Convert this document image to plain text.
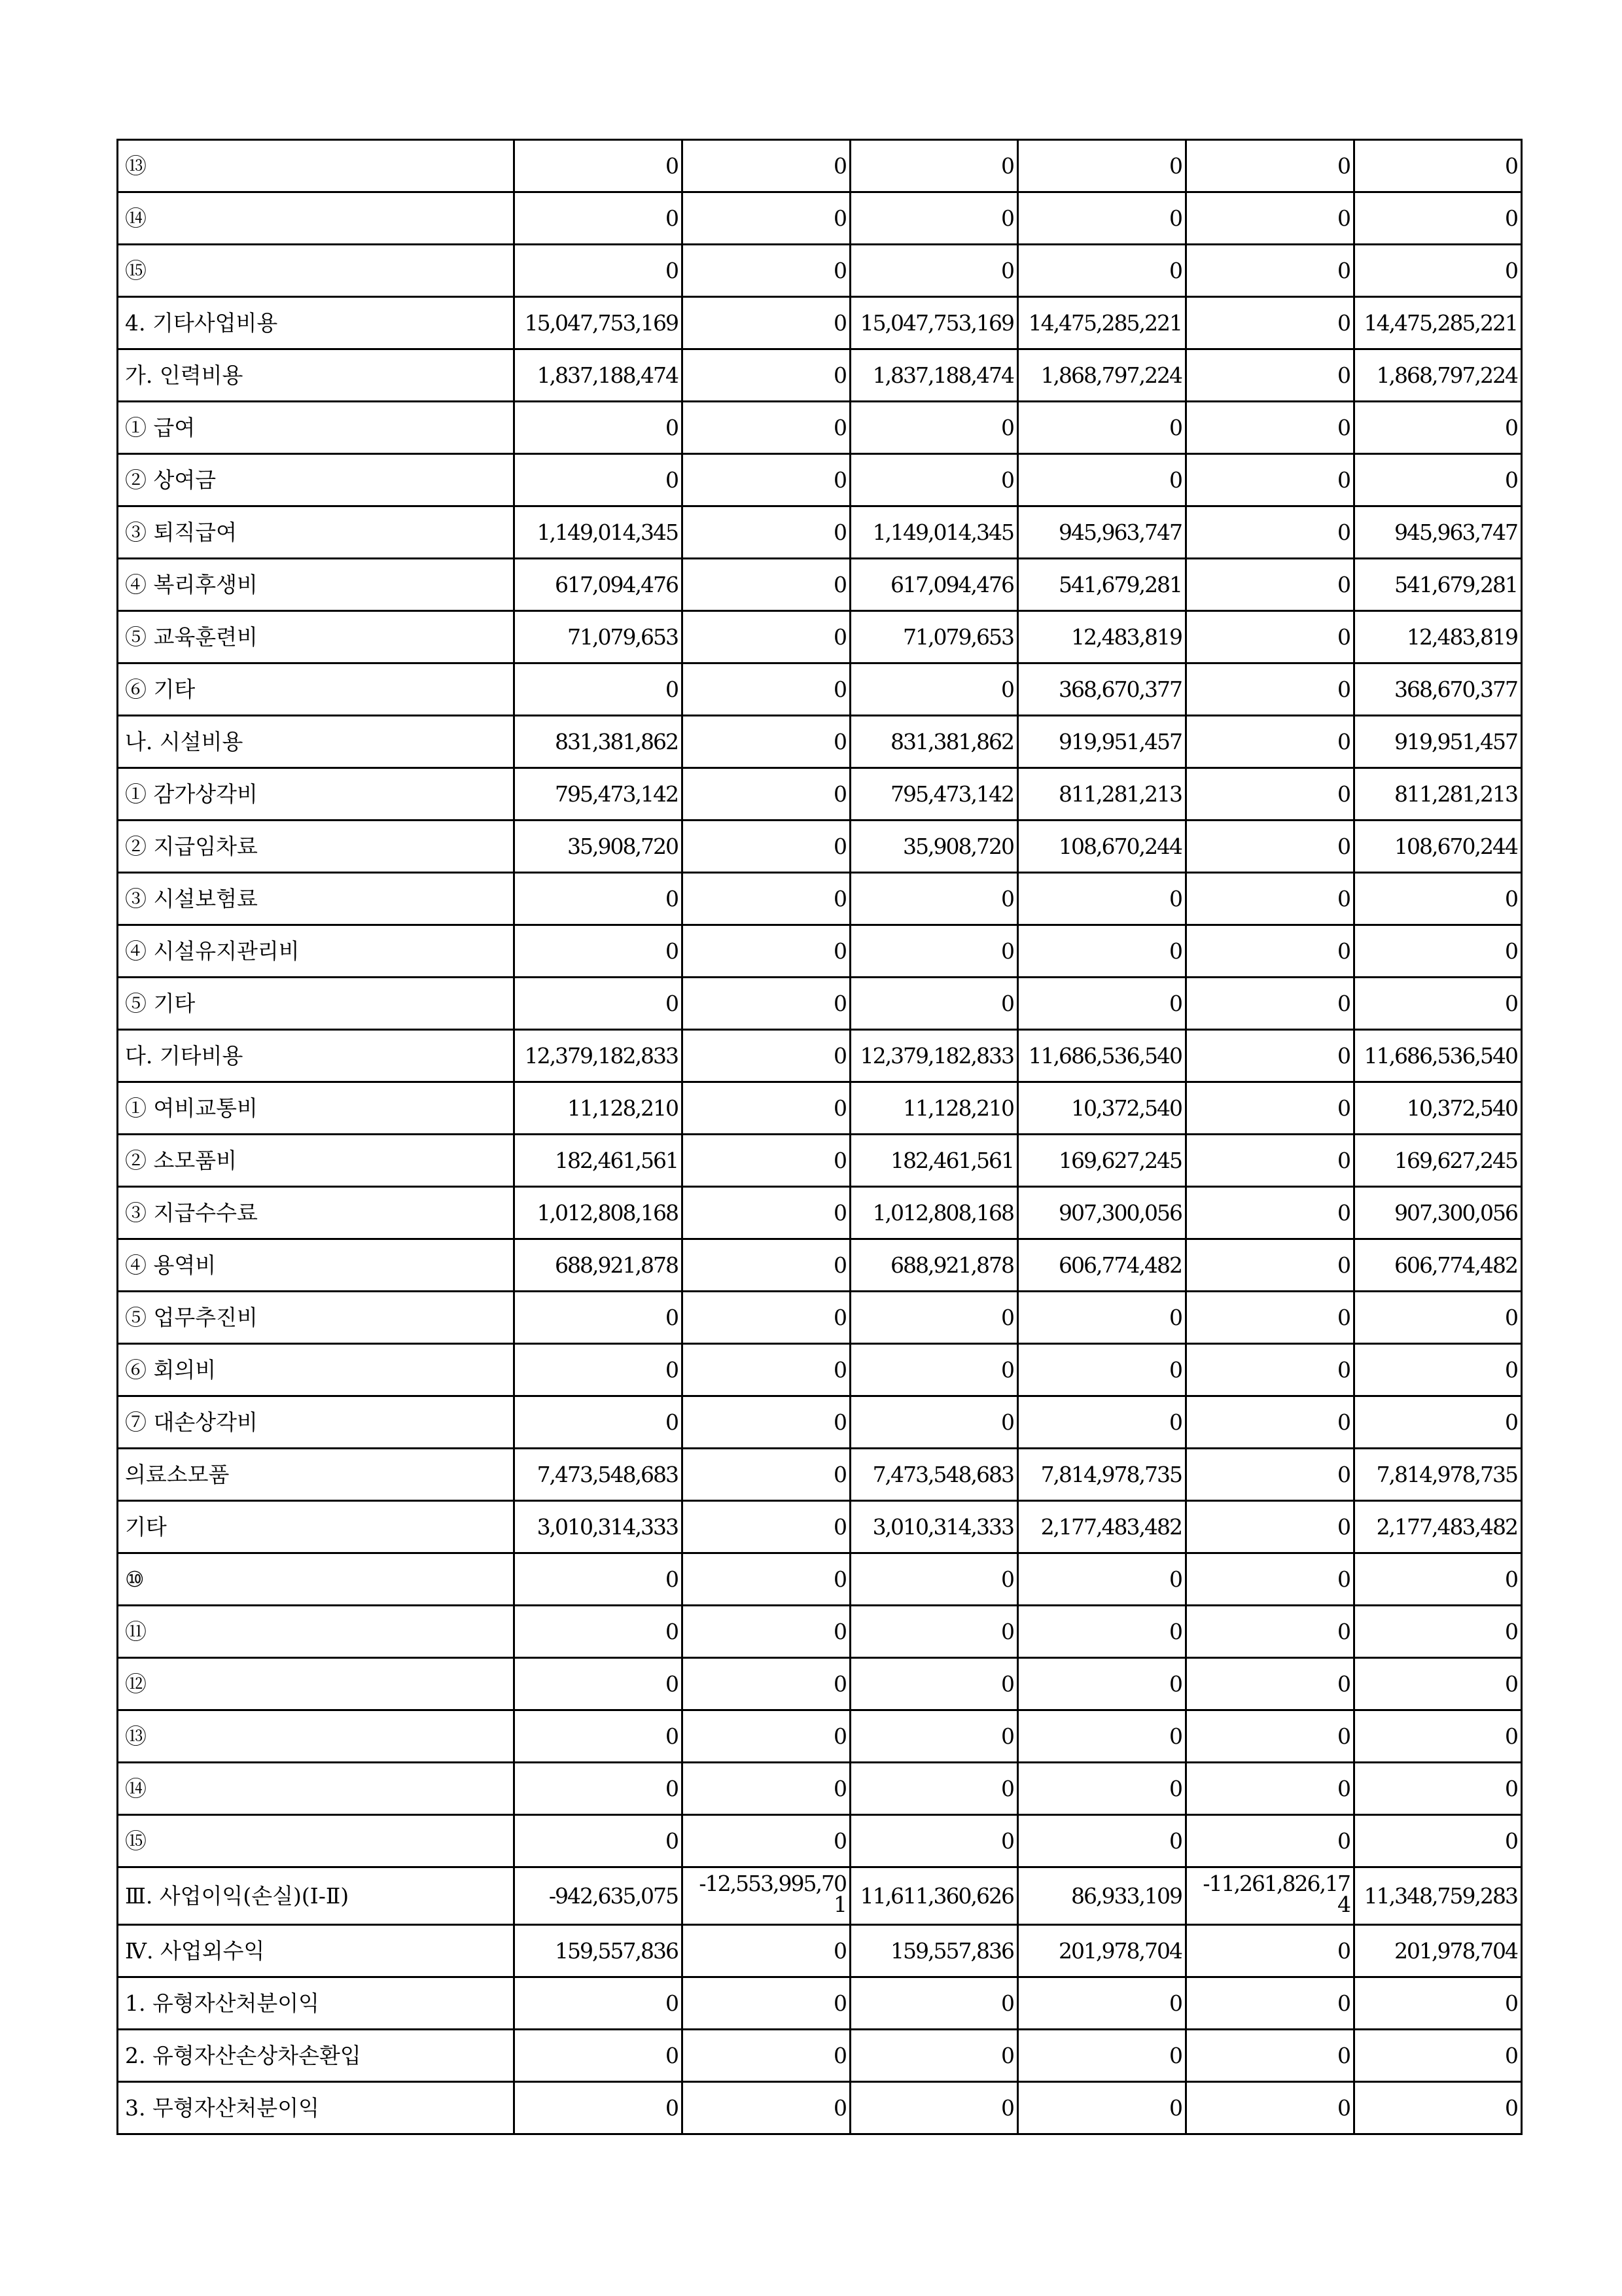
⑬	0	0	0	0	0	0
⑭	0	0	0	0	0	0
⑮	0	0	0	0	0	0
4. 기타사업비용	15,047,753,169	0	15,047,753,169	14,475,285,221	0	14,475,285,221
가. 인력비용	1,837,188,474	0	1,837,188,474	1,868,797,224	0	1,868,797,224
① 급여	0	0	0	0	0	0
② 상여금	0	0	0	0	0	0
③ 퇴직급여	1,149,014,345	0	1,149,014,345	945,963,747	0	945,963,747
④ 복리후생비	617,094,476	0	617,094,476	541,679,281	0	541,679,281
⑤ 교육훈련비	71,079,653	0	71,079,653	12,483,819	0	12,483,819
⑥ 기타	0	0	0	368,670,377	0	368,670,377
나. 시설비용	831,381,862	0	831,381,862	919,951,457	0	919,951,457
① 감가상각비	795,473,142	0	795,473,142	811,281,213	0	811,281,213
② 지급임차료	35,908,720	0	35,908,720	108,670,244	0	108,670,244
③ 시설보험료	0	0	0	0	0	0
④ 시설유지관리비	0	0	0	0	0	0
⑤ 기타	0	0	0	0	0	0
다. 기타비용	12,379,182,833	0	12,379,182,833	11,686,536,540	0	11,686,536,540
① 여비교통비	11,128,210	0	11,128,210	10,372,540	0	10,372,540
② 소모품비	182,461,561	0	182,461,561	169,627,245	0	169,627,245
③ 지급수수료	1,012,808,168	0	1,012,808,168	907,300,056	0	907,300,056
④ 용역비	688,921,878	0	688,921,878	606,774,482	0	606,774,482
⑤ 업무추진비	0	0	0	0	0	0
⑥ 회의비	0	0	0	0	0	0
⑦ 대손상각비	0	0	0	0	0	0
의료소모품	7,473,548,683	0	7,473,548,683	7,814,978,735	0	7,814,978,735
기타	3,010,314,333	0	3,010,314,333	2,177,483,482	0	2,177,483,482
⑩	0	0	0	0	0	0
⑪	0	0	0	0	0	0
⑫	0	0	0	0	0	0
⑬	0	0	0	0	0	0
⑭	0	0	0	0	0	0
⑮	0	0	0	0	0	0
Ⅲ. 사업이익(손실)(Ⅰ-Ⅱ)	-942,635,075	-12,553,995,701	11,611,360,626	86,933,109	-11,261,826,174	11,348,759,283
Ⅳ. 사업외수익	159,557,836	0	159,557,836	201,978,704	0	201,978,704
1. 유형자산처분이익	0	0	0	0	0	0
2. 유형자산손상차손환입	0	0	0	0	0	0
3. 무형자산처분이익	0	0	0	0	0	0
